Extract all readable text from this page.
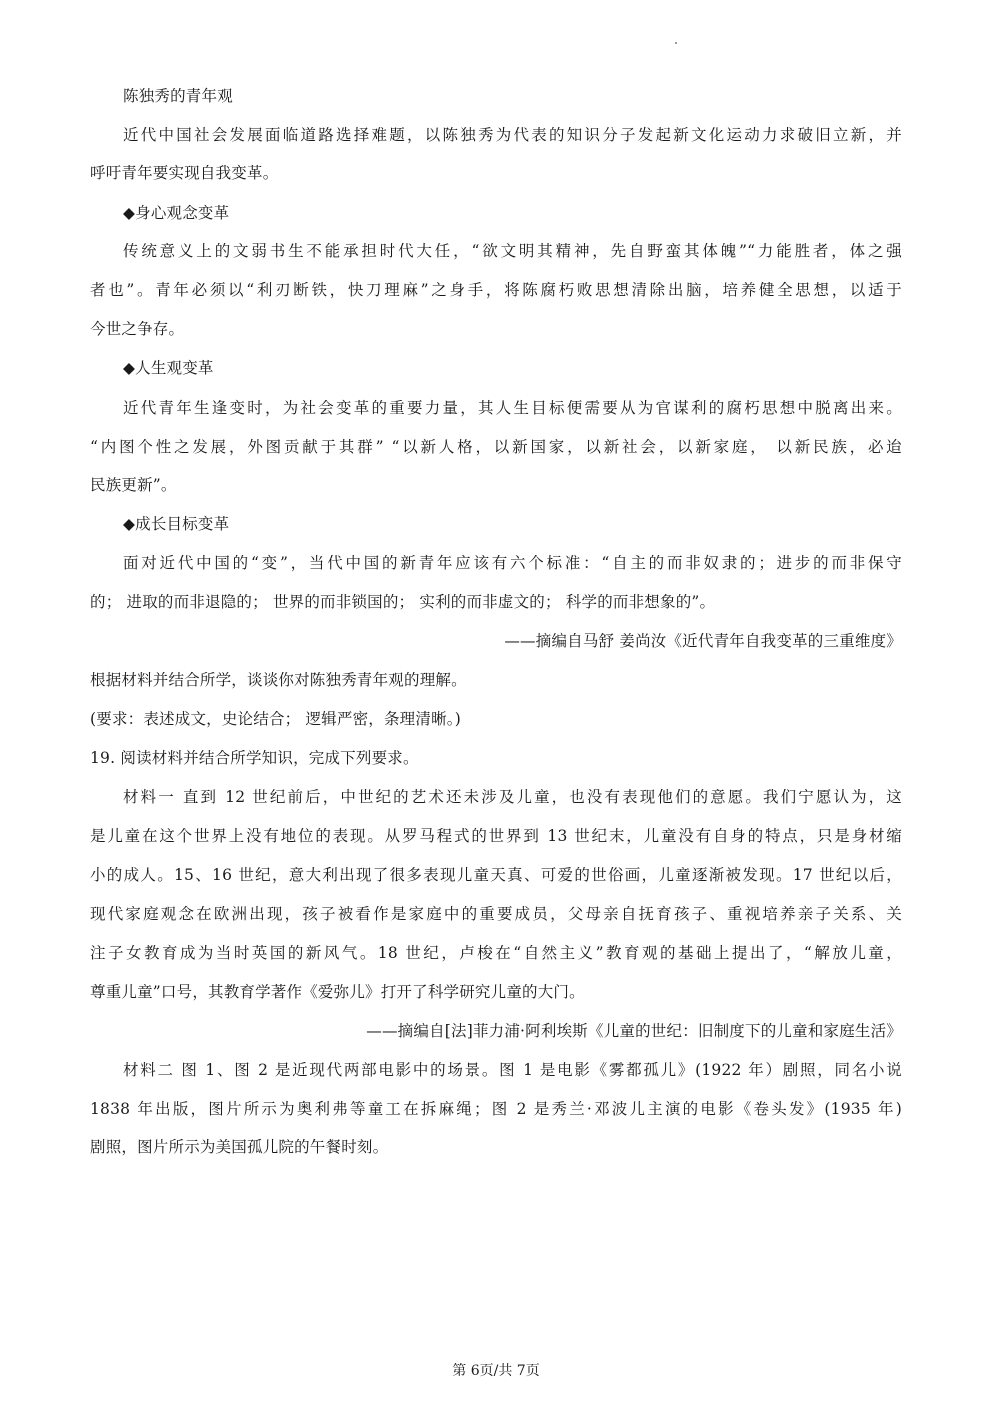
陈独秀的青年观
近代中国社会发展面临道路选择难题，以陈独秀为代表的知识分子发起新文化运动力求破旧立新，并
呼吁青年要实现自我变革。
◆身心观念变革
传统意义上的文弱书生不能承担时代大任，“欲文明其精神，先自野蛮其体魄”“力能胜者，体之强
者也”。青年必须以“利刃断铁，快刀理麻”之身手，将陈腐朽败思想清除出脑，培养健全思想，以适于
今世之争存。
◆人生观变革
近代青年生逢变时，为社会变革的重要力量，其人生目标便需要从为官谋利的腐朽思想中脱离出来。
“内图个性之发展，外图贡献于其群” “以新人格，以新国家，以新社会，以新家庭， 以新民族，必迨
民族更新”。
◆成长目标变革
面对近代中国的“变”，当代中国的新青年应该有六个标准：“自主的而非奴隶的；进步的而非保守
的； 进取的而非退隐的； 世界的而非锁国的； 实利的而非虚文的； 科学的而非想象的”。
——摘编自马舒 姜尚汝《近代青年自我变革的三重维度》
根据材料并结合所学，谈谈你对陈独秀青年观的理解。
(要求：表述成文，史论结合； 逻辑严密，条理清晰。)
19. 阅读材料并结合所学知识，完成下列要求。
材料一 直到 12 世纪前后，中世纪的艺术还未涉及儿童，也没有表现他们的意愿。我们宁愿认为，这
是儿童在这个世界上没有地位的表现。从罗马程式的世界到 13 世纪末，儿童没有自身的特点，只是身材缩
小的成人。15、16 世纪，意大利出现了很多表现儿童天真、可爱的世俗画，儿童逐渐被发现。17 世纪以后，
现代家庭观念在欧洲出现，孩子被看作是家庭中的重要成员，父母亲自抚育孩子、重视培养亲子关系、关
注子女教育成为当时英国的新风气。18 世纪，卢梭在“自然主义”教育观的基础上提出了，“解放儿童，
尊重儿童”口号，其教育学著作《爱弥儿》打开了科学研究儿童的大门。
——摘编自[法]菲力浦·阿利埃斯《儿童的世纪：旧制度下的儿童和家庭生活》
材料二 图 1、图 2 是近现代两部电影中的场景。图 1 是电影《雾都孤儿》(1922 年）剧照，同名小说
1838 年出版，图片所示为奥利弗等童工在拆麻绳；图 2 是秀兰·邓波儿主演的电影《卷头发》(1935 年)
剧照，图片所示为美国孤儿院的午餐时刻。
第 6页/共 7页
